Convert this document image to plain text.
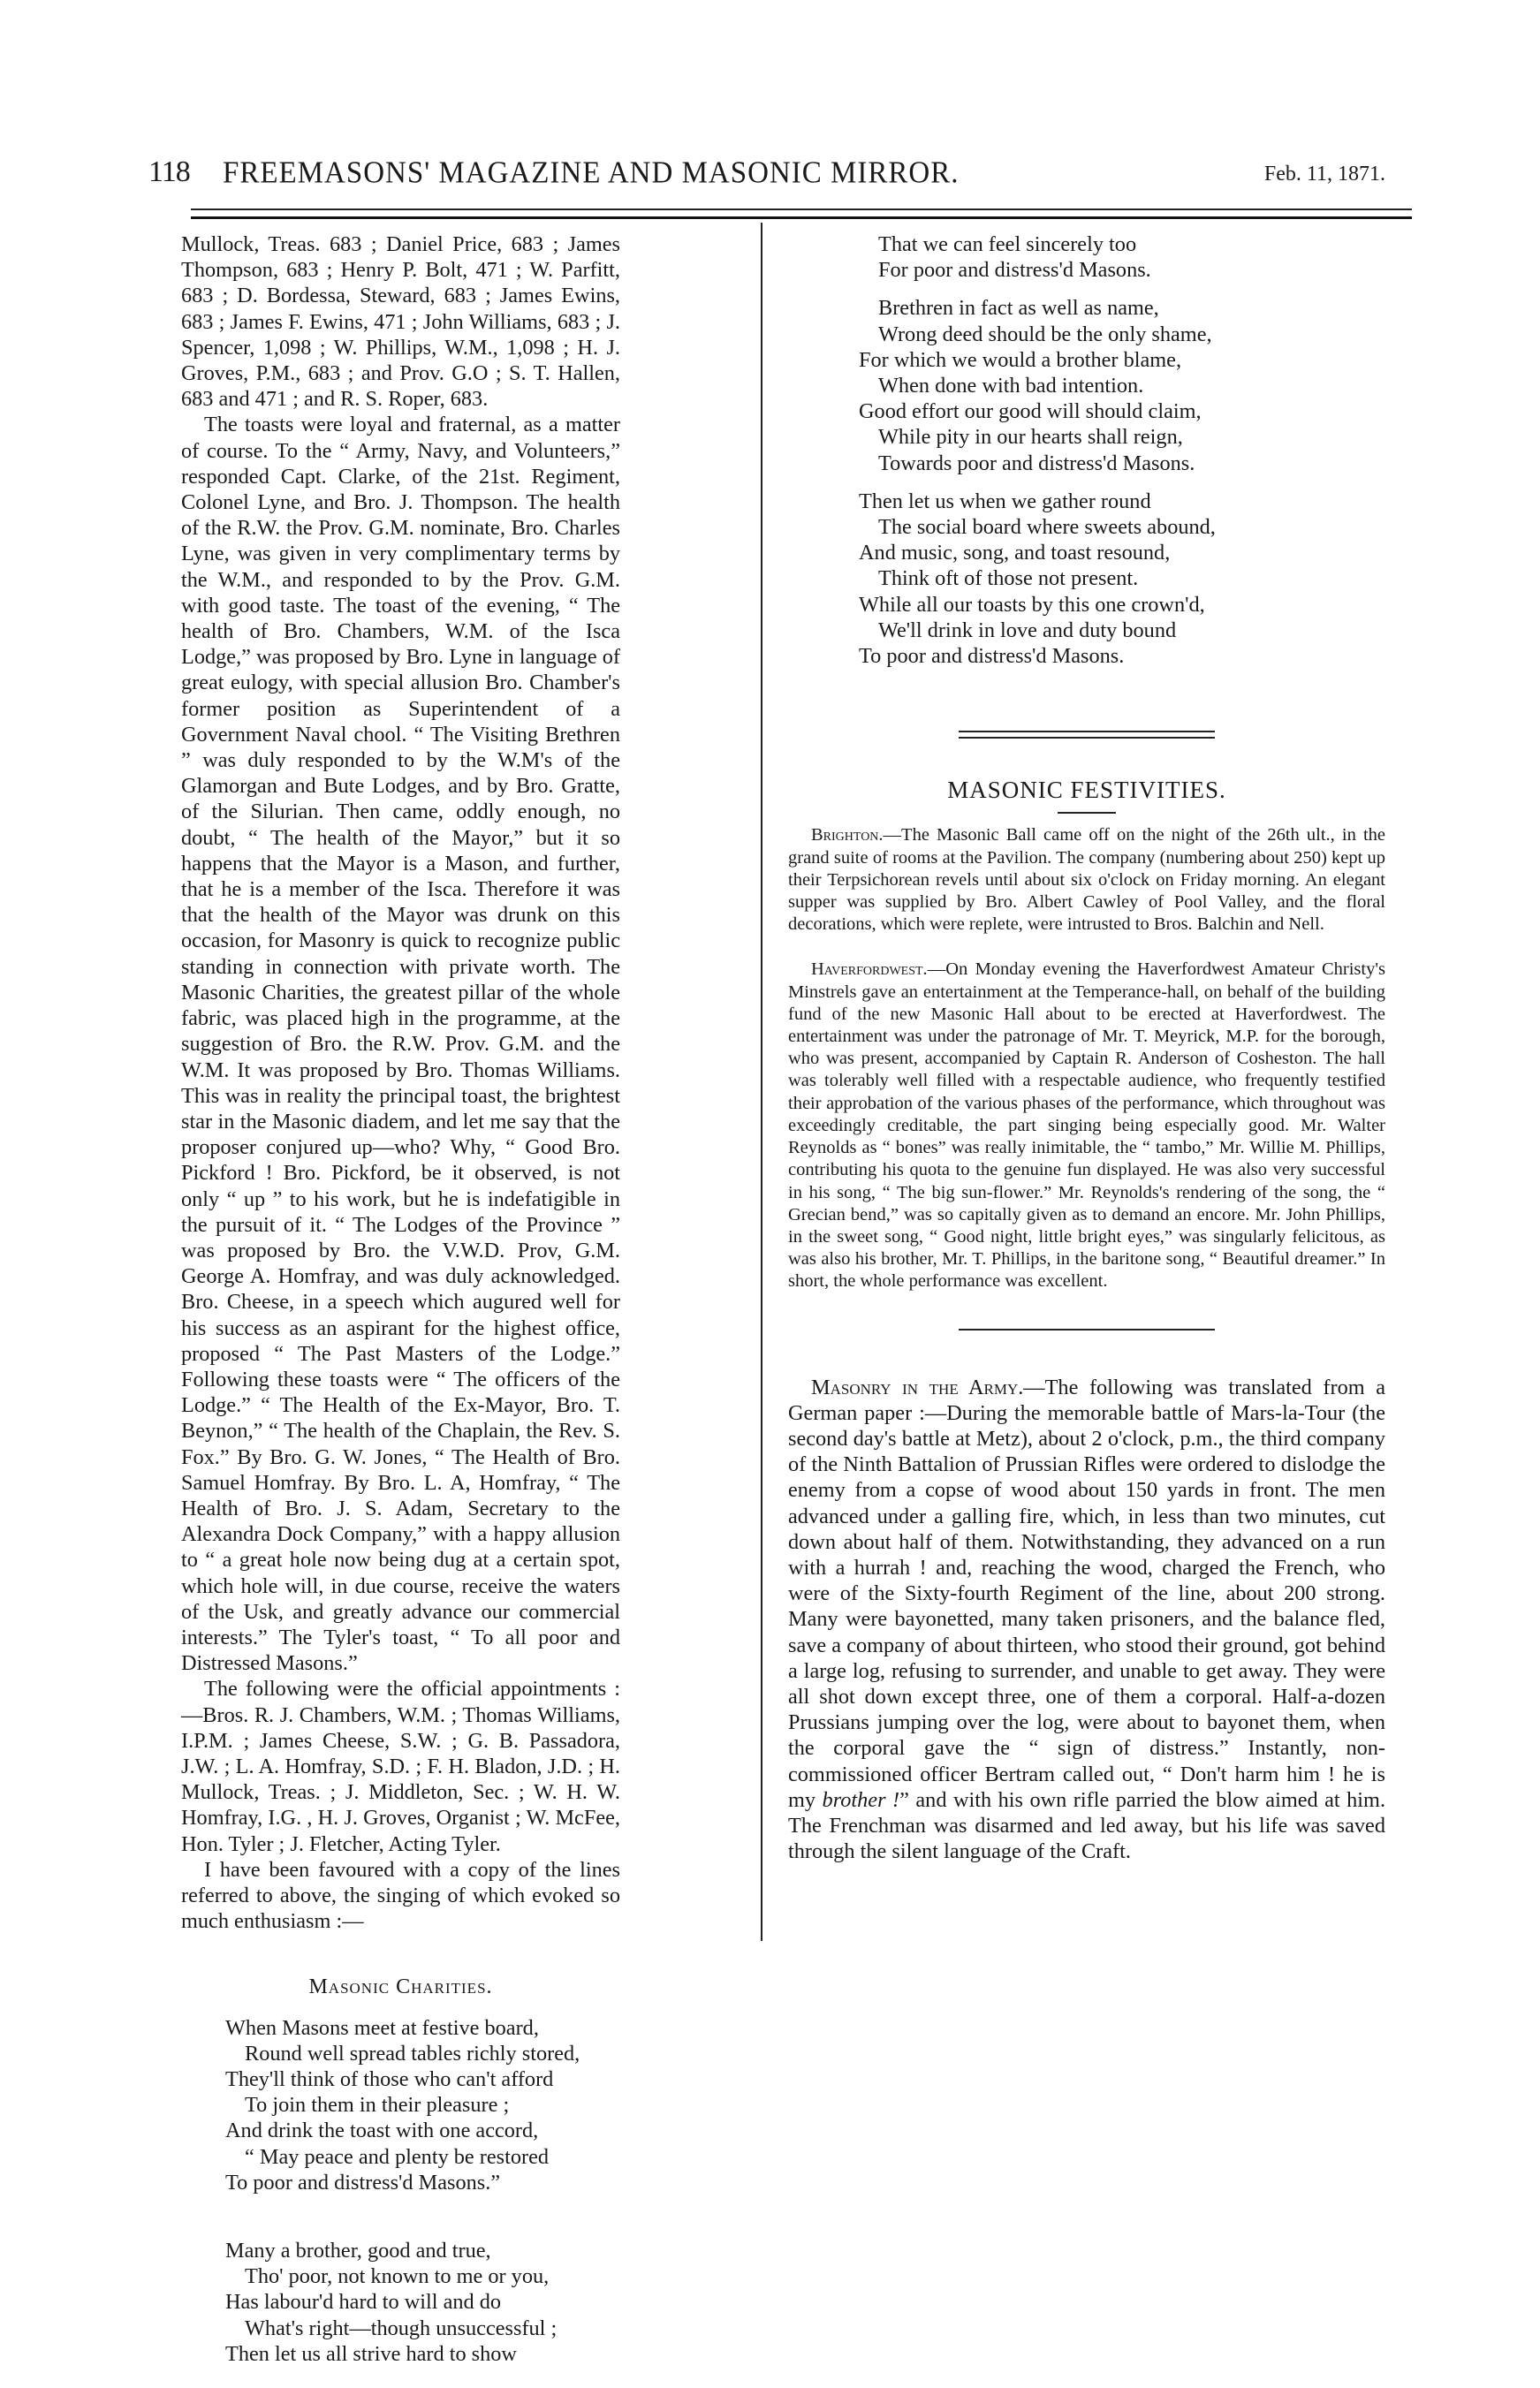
118 FREEMASONS' MAGAZINE AND MASONIC MIRROR.	Feb. 11, 1871.

Mullock, Treas. 683 ; Daniel Price, 683 ; James Thompson, 683 ; Henry P. Bolt, 471 ; W. Parfitt, 683 ; D. Bordessa, Steward, 683 ; James Ewins, 683 ; James F. Ewins, 471 ; John Williams, 683 ; J. Spencer, 1,098 ; W. Phillips, W.M., 1,098 ; H. J. Groves, P.M., 683 ; and Prov. G.O ; S. T. Hallen, 683 and 471 ; and R. S. Roper, 683.

The toasts were loyal and fraternal, as a matter of course. To the “ Army, Navy, and Volunteers,” responded Capt. Clarke, of the 21st. Regiment, Colonel Lyne, and Bro. J. Thompson. The health of the R.W. the Prov. G.M. nominate, Bro. Charles Lyne, was given in very complimentary terms by the W.M., and responded to by the Prov. G.M. with good taste. The toast of the evening, “ The health of Bro. Chambers, W.M. of the Isca Lodge,” was proposed by Bro. Lyne in language of great eulogy, with special allusion Bro. Chamber's former position as Superintendent of a Government Naval chool. “ The Visiting Brethren ” was duly responded to by the W.M's of the Glamorgan and Bute Lodges, and by Bro. Gratte, of the Silurian. Then came, oddly enough, no doubt, “ The health of the Mayor,” but it so happens that the Mayor is a Mason, and further, that he is a member of the Isca. Therefore it was that the health of the Mayor was drunk on this occasion, for Masonry is quick to recognize public standing in connection with private worth. The Masonic Charities, the greatest pillar of the whole fabric, was placed high in the programme, at the suggestion of Bro. the R.W. Prov. G.M. and the W.M. It was proposed by Bro. Thomas Williams. This was in reality the principal toast, the brightest star in the Masonic diadem, and let me say that the proposer conjured up—who? Why, “ Good Bro. Pickford ! Bro. Pickford, be it observed, is not only “ up ” to his work, but he is indefatigible in the pursuit of it. “ The Lodges of the Province ” was proposed by Bro. the V.W.D. Prov, G.M. George A. Homfray, and was duly acknowledged. Bro. Cheese, in a speech which augured well for his success as an aspirant for the highest office, proposed “ The Past Masters of the Lodge.” Following these toasts were “ The officers of the Lodge.” “ The Health of the Ex-Mayor, Bro. T. Beynon,” “ The health of the Chaplain, the Rev. S. Fox.” By Bro. G. W. Jones, “ The Health of Bro. Samuel Homfray. By Bro. L. A, Homfray, “ The Health of Bro. J. S. Adam, Secretary to the Alexandra Dock Company,” with a happy allusion to “ a great hole now being dug at a certain spot, which hole will, in due course, receive the waters of the Usk, and greatly advance our commercial interests.” The Tyler's toast, “ To all poor and Distressed Masons.”

The following were the official appointments :—Bros. R. J. Chambers, W.M. ; Thomas Williams, I.P.M. ; James Cheese, S.W. ; G. B. Passadora, J.W. ; L. A. Homfray, S.D. ; F. H. Bladon, J.D. ; H. Mullock, Treas. ; J. Middleton, Sec. ; W. H. W. Homfray, I.G. , H. J. Groves, Organist ; W. McFee, Hon. Tyler ; J. Fletcher, Acting Tyler.

I have been favoured with a copy of the lines referred to above, the singing of which evoked so much enthusiasm :—

Masonic Charities.
When Masons meet at festive board,
Round well spread tables richly stored,
They'll think of those who can't afford
To join them in their pleasure ;
And drink the toast with one accord,
“ May peace and plenty be restored
To poor and distress'd Masons.”
Many a brother, good and true,
Tho' poor, not known to me or you,
Has labour'd hard to will and do
What's right—though unsuccessful ;
Then let us all strive hard to show
That we can feel sincerely too
For poor and distress'd Masons.
Brethren in fact as well as name,
Wrong deed should be the only shame,
For which we would a brother blame,
When done with bad intention.
Good effort our good will should claim,
While pity in our hearts shall reign,
Towards poor and distress'd Masons.
Then let us when we gather round
The social board where sweets abound,
And music, song, and toast resound,
Think oft of those not present.
While all our toasts by this one crown'd,
We'll drink in love and duty bound
To poor and distress'd Masons.
MASONIC FESTIVITIES.

Brighton.—The Masonic Ball came off on the night of the 26th ult., in the grand suite of rooms at the Pavilion. The company (numbering about 250) kept up their Terpsichorean revels until about six o'clock on Friday morning. An elegant supper was supplied by Bro. Albert Cawley of Pool Valley, and the floral decorations, which were replete, were intrusted to Bros. Balchin and Nell.

Haverfordwest.—On Monday evening the Haverfordwest Amateur Christy's Minstrels gave an entertainment at the Temperance-hall, on behalf of the building fund of the new Masonic Hall about to be erected at Haverfordwest. The entertainment was under the patronage of Mr. T. Meyrick, M.P. for the borough, who was present, accompanied by Captain R. Anderson of Cosheston. The hall was tolerably well filled with a respectable audience, who frequently testified their approbation of the various phases of the performance, which throughout was exceedingly creditable, the part singing being especially good. Mr. Walter Reynolds as “ bones” was really inimitable, the “ tambo,” Mr. Willie M. Phillips, contributing his quota to the genuine fun displayed. He was also very successful in his song, “ The big sun-flower.” Mr. Reynolds's rendering of the song, the “ Grecian bend,” was so capitally given as to demand an encore. Mr. John Phillips, in the sweet song, “ Good night, little bright eyes,” was singularly felicitous, as was also his brother, Mr. T. Phillips, in the baritone song, “ Beautiful dreamer.” In short, the whole performance was excellent.

Masonry in the Army.—The following was translated from a German paper :—During the memorable battle of Mars-la-Tour (the second day's battle at Metz), about 2 o'clock, p.m., the third company of the Ninth Battalion of Prussian Rifles were ordered to dislodge the enemy from a copse of wood about 150 yards in front. The men advanced under a galling fire, which, in less than two minutes, cut down about half of them. Notwithstanding, they advanced on a run with a hurrah ! and, reaching the wood, charged the French, who were of the Sixty-fourth Regiment of the line, about 200 strong. Many were bayonetted, many taken prisoners, and the balance fled, save a company of about thirteen, who stood their ground, got behind a large log, refusing to surrender, and unable to get away. They were all shot down except three, one of them a corporal. Half-a-dozen Prussians jumping over the log, were about to bayonet them, when the corporal gave the “ sign of distress.” Instantly, non-commissioned officer Bertram called out, “ Don't harm him ! he is my brother !” and with his own rifle parried the blow aimed at him. The Frenchman was disarmed and led away, but his life was saved through the silent language of the Craft.
